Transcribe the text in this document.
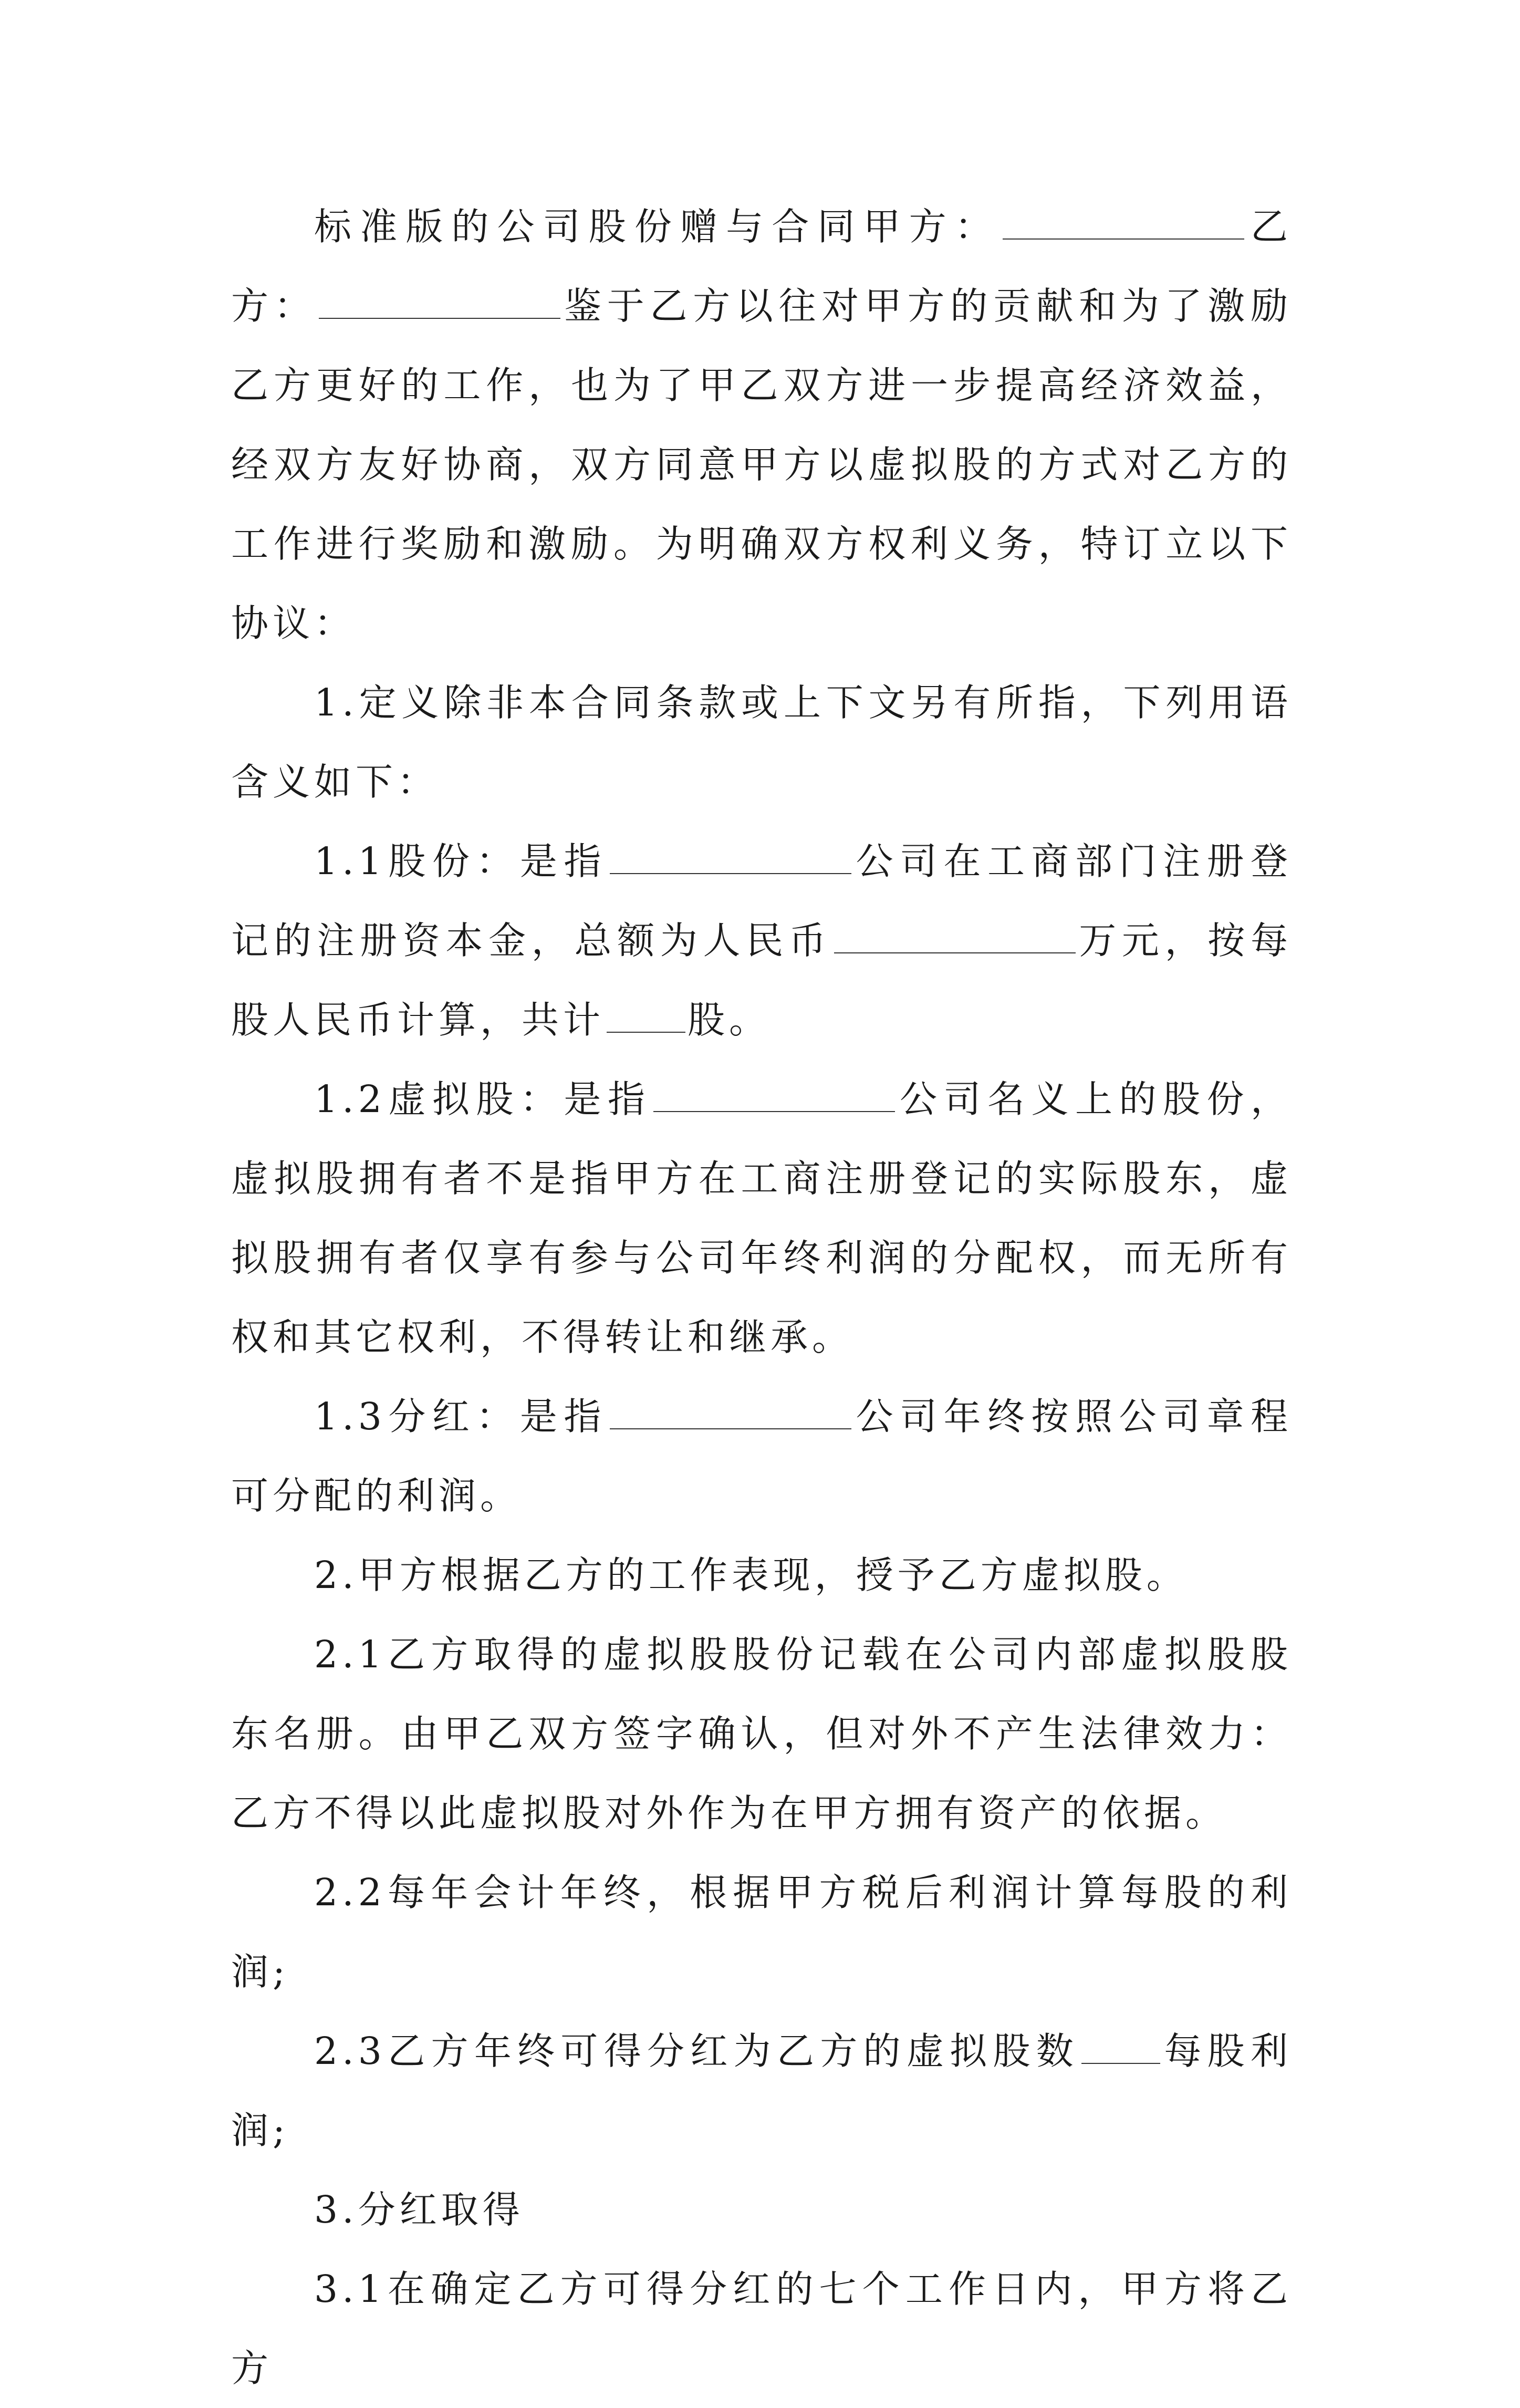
标准版的公司股份赠与合同甲方：	乙方：	鉴于乙方以往对甲方的贡献和为了激励乙方更好的工作，也为了甲乙双方进一步提高经济效益，经双方友好协商，双方同意甲方以虚拟股的方式对乙方的工作进行奖励和激励。为明确双方权利义务，特订立以下协议：

1.定义除非本合同条款或上下文另有所指，下列用语含义如下：

1.1股份：是指	公司在工商部门注册登记的注册资本金，总额为人民币	万元，按每股人民币计算，共计 股。

1.2虚拟股：是指	公司名义上的股份，虚拟股拥有者不是指甲方在工商注册登记的实际股东，虚拟股拥有者仅享有参与公司年终利润的分配权，而无所有权和其它权利，不得转让和继承。

1.3分红：是指	公司年终按照公司章程可分配的利润。

2.甲方根据乙方的工作表现，授予乙方虚拟股。

2.1乙方取得的虚拟股股份记载在公司内部虚拟股股东名册。由甲乙双方签字确认，但对外不产生法律效力：乙方不得以此虚拟股对外作为在甲方拥有资产的依据。

2.2每年会计年终，根据甲方税后利润计算每股的利润;

2.3乙方年终可得分红为乙方的虚拟股数 每股利润;

3.分红取得

3.1在确定乙方可得分红的七个工作日内，甲方将乙方
